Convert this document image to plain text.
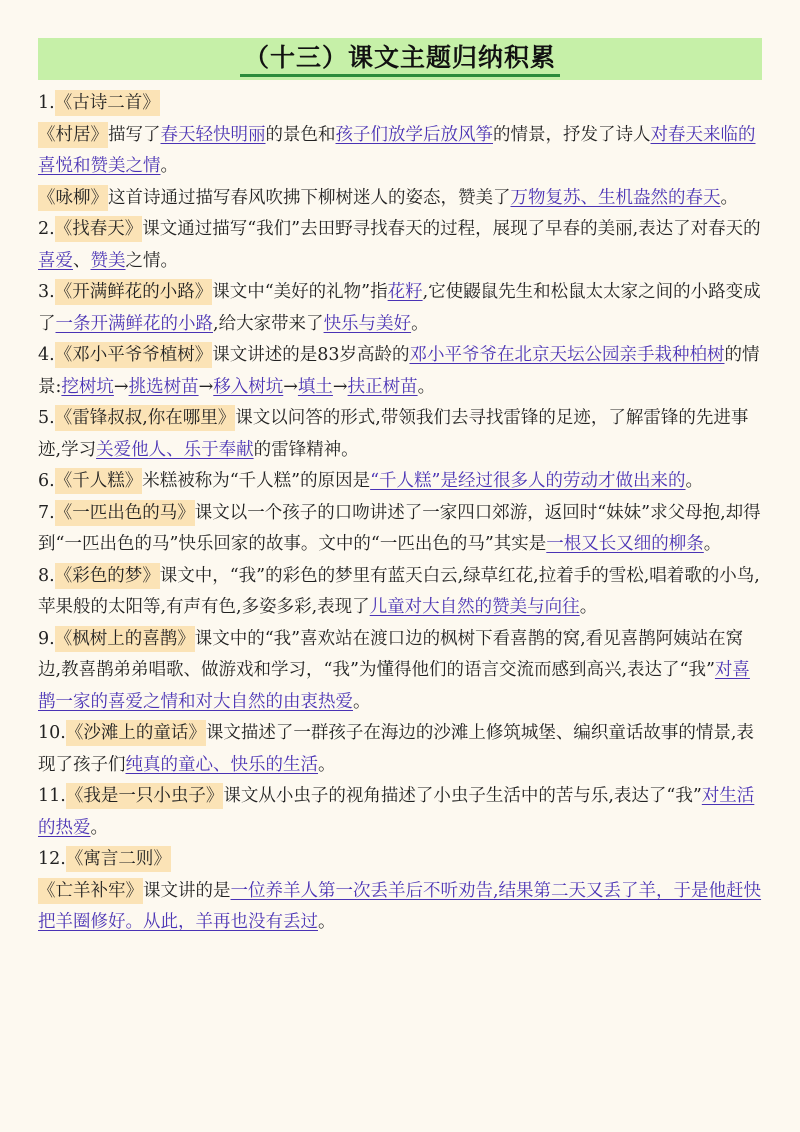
（十三）课文主题归纳积累

1.《古诗二首》

《村居》描写了春天轻快明丽的景色和孩子们放学后放风筝的情景，抒发了诗人对春天来临的喜悦和赞美之情。

《咏柳》这首诗通过描写春风吹拂下柳树迷人的姿态，赞美了万物复苏、生机盎然的春天。

2.《找春天》课文通过描写“我们”去田野寻找春天的过程，展现了早春的美丽,表达了对春天的喜爱、赞美之情。

3.《开满鲜花的小路》课文中“美好的礼物”指花籽,它使鼹鼠先生和松鼠太太家之间的小路变成了一条开满鲜花的小路,给大家带来了快乐与美好。

4.《邓小平爷爷植树》课文讲述的是83岁高龄的邓小平爷爷在北京天坛公园亲手栽种柏树的情景:挖树坑→挑选树苗→移入树坑→填土→扶正树苗。

5.《雷锋叔叔,你在哪里》课文以问答的形式,带领我们去寻找雷锋的足迹，了解雷锋的先进事迹,学习关爱他人、乐于奉献的雷锋精神。

6.《千人糕》米糕被称为“千人糕”的原因是“千人糕”是经过很多人的劳动才做出来的。

7.《一匹出色的马》课文以一个孩子的口吻讲述了一家四口郊游，返回时“妹妹”求父母抱,却得到“一匹出色的马”快乐回家的故事。文中的“一匹出色的马”其实是一根又长又细的柳条。

8.《彩色的梦》课文中，“我”的彩色的梦里有蓝天白云,绿草红花,拉着手的雪松,唱着歌的小鸟,苹果般的太阳等,有声有色,多姿多彩,表现了儿童对大自然的赞美与向往。

9.《枫树上的喜鹊》课文中的“我”喜欢站在渡口边的枫树下看喜鹊的窝,看见喜鹊阿姨站在窝边,教喜鹊弟弟唱歌、做游戏和学习，“我”为懂得他们的语言交流而感到高兴,表达了“我”对喜鹊一家的喜爱之情和对大自然的由衷热爱。

10.《沙滩上的童话》课文描述了一群孩子在海边的沙滩上修筑城堡、编织童话故事的情景,表现了孩子们纯真的童心、快乐的生活。

11.《我是一只小虫子》课文从小虫子的视角描述了小虫子生活中的苦与乐,表达了“我”对生活的热爱。

12.《寓言二则》

《亡羊补牢》课文讲的是一位养羊人第一次丢羊后不听劝告,结果第二天又丢了羊，于是他赶快把羊圈修好。从此，羊再也没有丢过。
